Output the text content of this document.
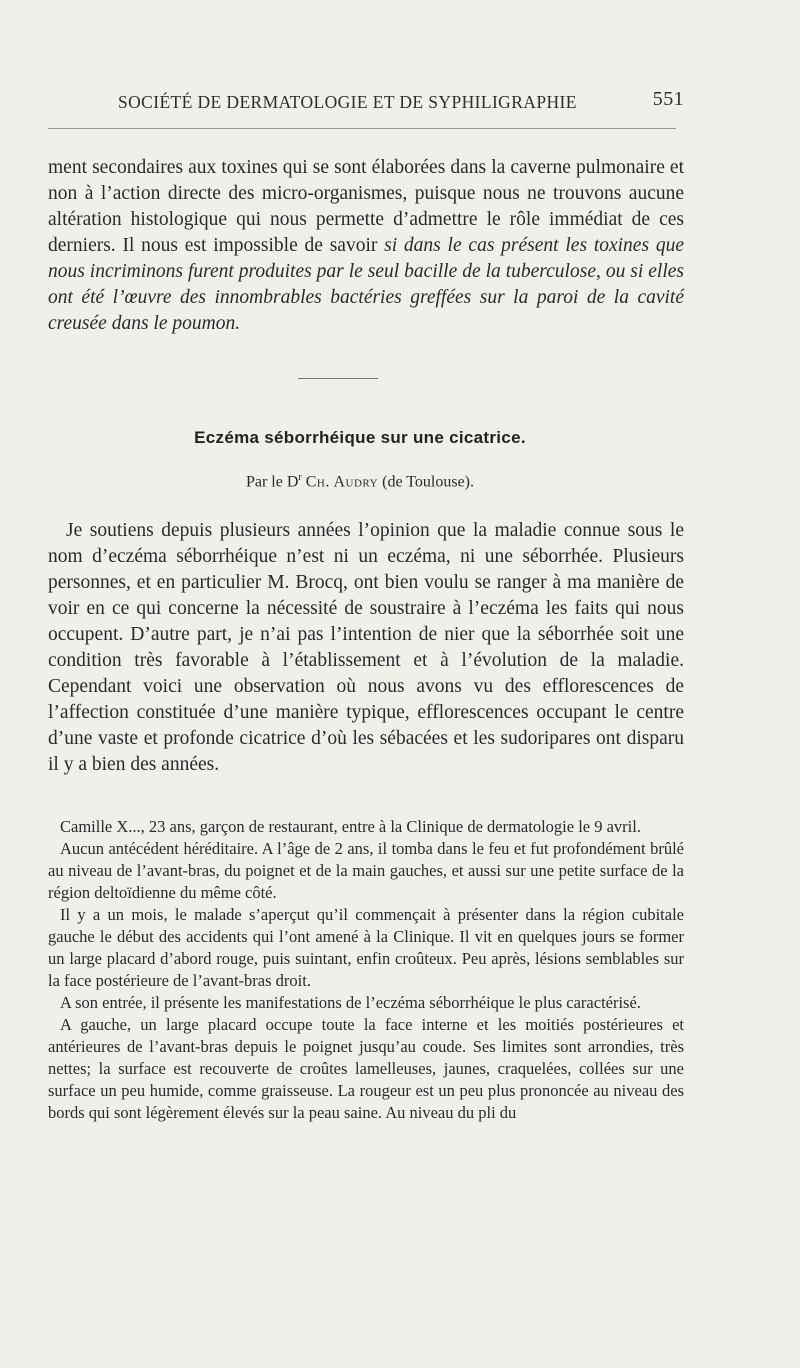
SOCIÉTÉ DE DERMATOLOGIE ET DE SYPHILIGRAPHIE	551

ment secondaires aux toxines qui se sont élaborées dans la caverne pulmonaire et non à l’action directe des micro-organismes, puisque nous ne trouvons aucune altération histologique qui nous permette d’admettre le rôle immédiat de ces derniers. Il nous est impossible de savoir si dans le cas présent les toxines que nous incriminons furent produites par le seul bacille de la tuberculose, ou si elles ont été l’œuvre des innombrables bactéries greffées sur la paroi de la cavité creusée dans le poumon.

Eczéma séborrhéique sur une cicatrice.
Par le $D^r$ Ch. Audry (de Toulouse).

Je soutiens depuis plusieurs années l’opinion que la maladie connue sous le nom d’eczéma séborrhéique n’est ni un eczéma, ni une séborrhée. Plusieurs personnes, et en particulier M. Brocq, ont bien voulu se ranger à ma manière de voir en ce qui concerne la nécessité de soustraire à l’eczéma les faits qui nous occupent. D’autre part, je n’ai pas l’intention de nier que la séborrhée soit une condition très favorable à l’établissement et à l’évolution de la maladie. Cependant voici une observation où nous avons vu des efflorescences de l’affection constituée d’une manière typique, efflorescences occupant le centre d’une vaste et profonde cicatrice d’où les sébacées et les sudoripares ont disparu il y a bien des années.

Camille X..., 23 ans, garçon de restaurant, entre à la Clinique de dermatologie le 9 avril.
Aucun antécédent héréditaire. A l’âge de 2 ans, il tomba dans le feu et fut profondément brûlé au niveau de l’avant-bras, du poignet et de la main gauches, et aussi sur une petite surface de la région deltoïdienne du même côté.
Il y a un mois, le malade s’aperçut qu’il commençait à présenter dans la région cubitale gauche le début des accidents qui l’ont amené à la Clinique. Il vit en quelques jours se former un large placard d’abord rouge, puis suintant, enfin croûteux. Peu après, lésions semblables sur la face postérieure de l’avant-bras droit.
A son entrée, il présente les manifestations de l’eczéma séborrhéique le plus caractérisé.
A gauche, un large placard occupe toute la face interne et les moitiés postérieures et antérieures de l’avant-bras depuis le poignet jusqu’au coude. Ses limites sont arrondies, très nettes; la surface est recouverte de croûtes lamelleuses, jaunes, craquelées, collées sur une surface un peu humide, comme graisseuse. La rougeur est un peu plus prononcée au niveau des bords qui sont légèrement élevés sur la peau saine. Au niveau du pli du
